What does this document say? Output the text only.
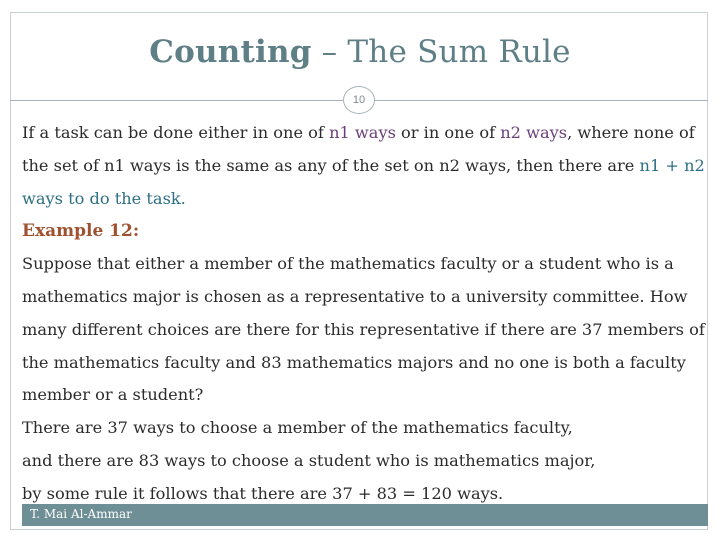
Counting – The Sum Rule
10

If a task can be done either in one of n1 ways or in one of n2 ways, where none of the set of n1 ways is the same as any of the set on n2 ways, then there are n1 + n2 ways to do the task.

Example 12:

Suppose that either a member of the mathematics faculty or a student who is a mathematics major is chosen as a representative to a university committee. How many different choices are there for this representative if there are 37 members of the mathematics faculty and 83 mathematics majors and no one is both a faculty member or a student?

There are 37 ways to choose a member of the mathematics faculty,

and there are 83 ways to choose a student who is mathematics major,

by some rule it follows that there are 37 + 83 = 120 ways.

T. Mai Al-Ammar
